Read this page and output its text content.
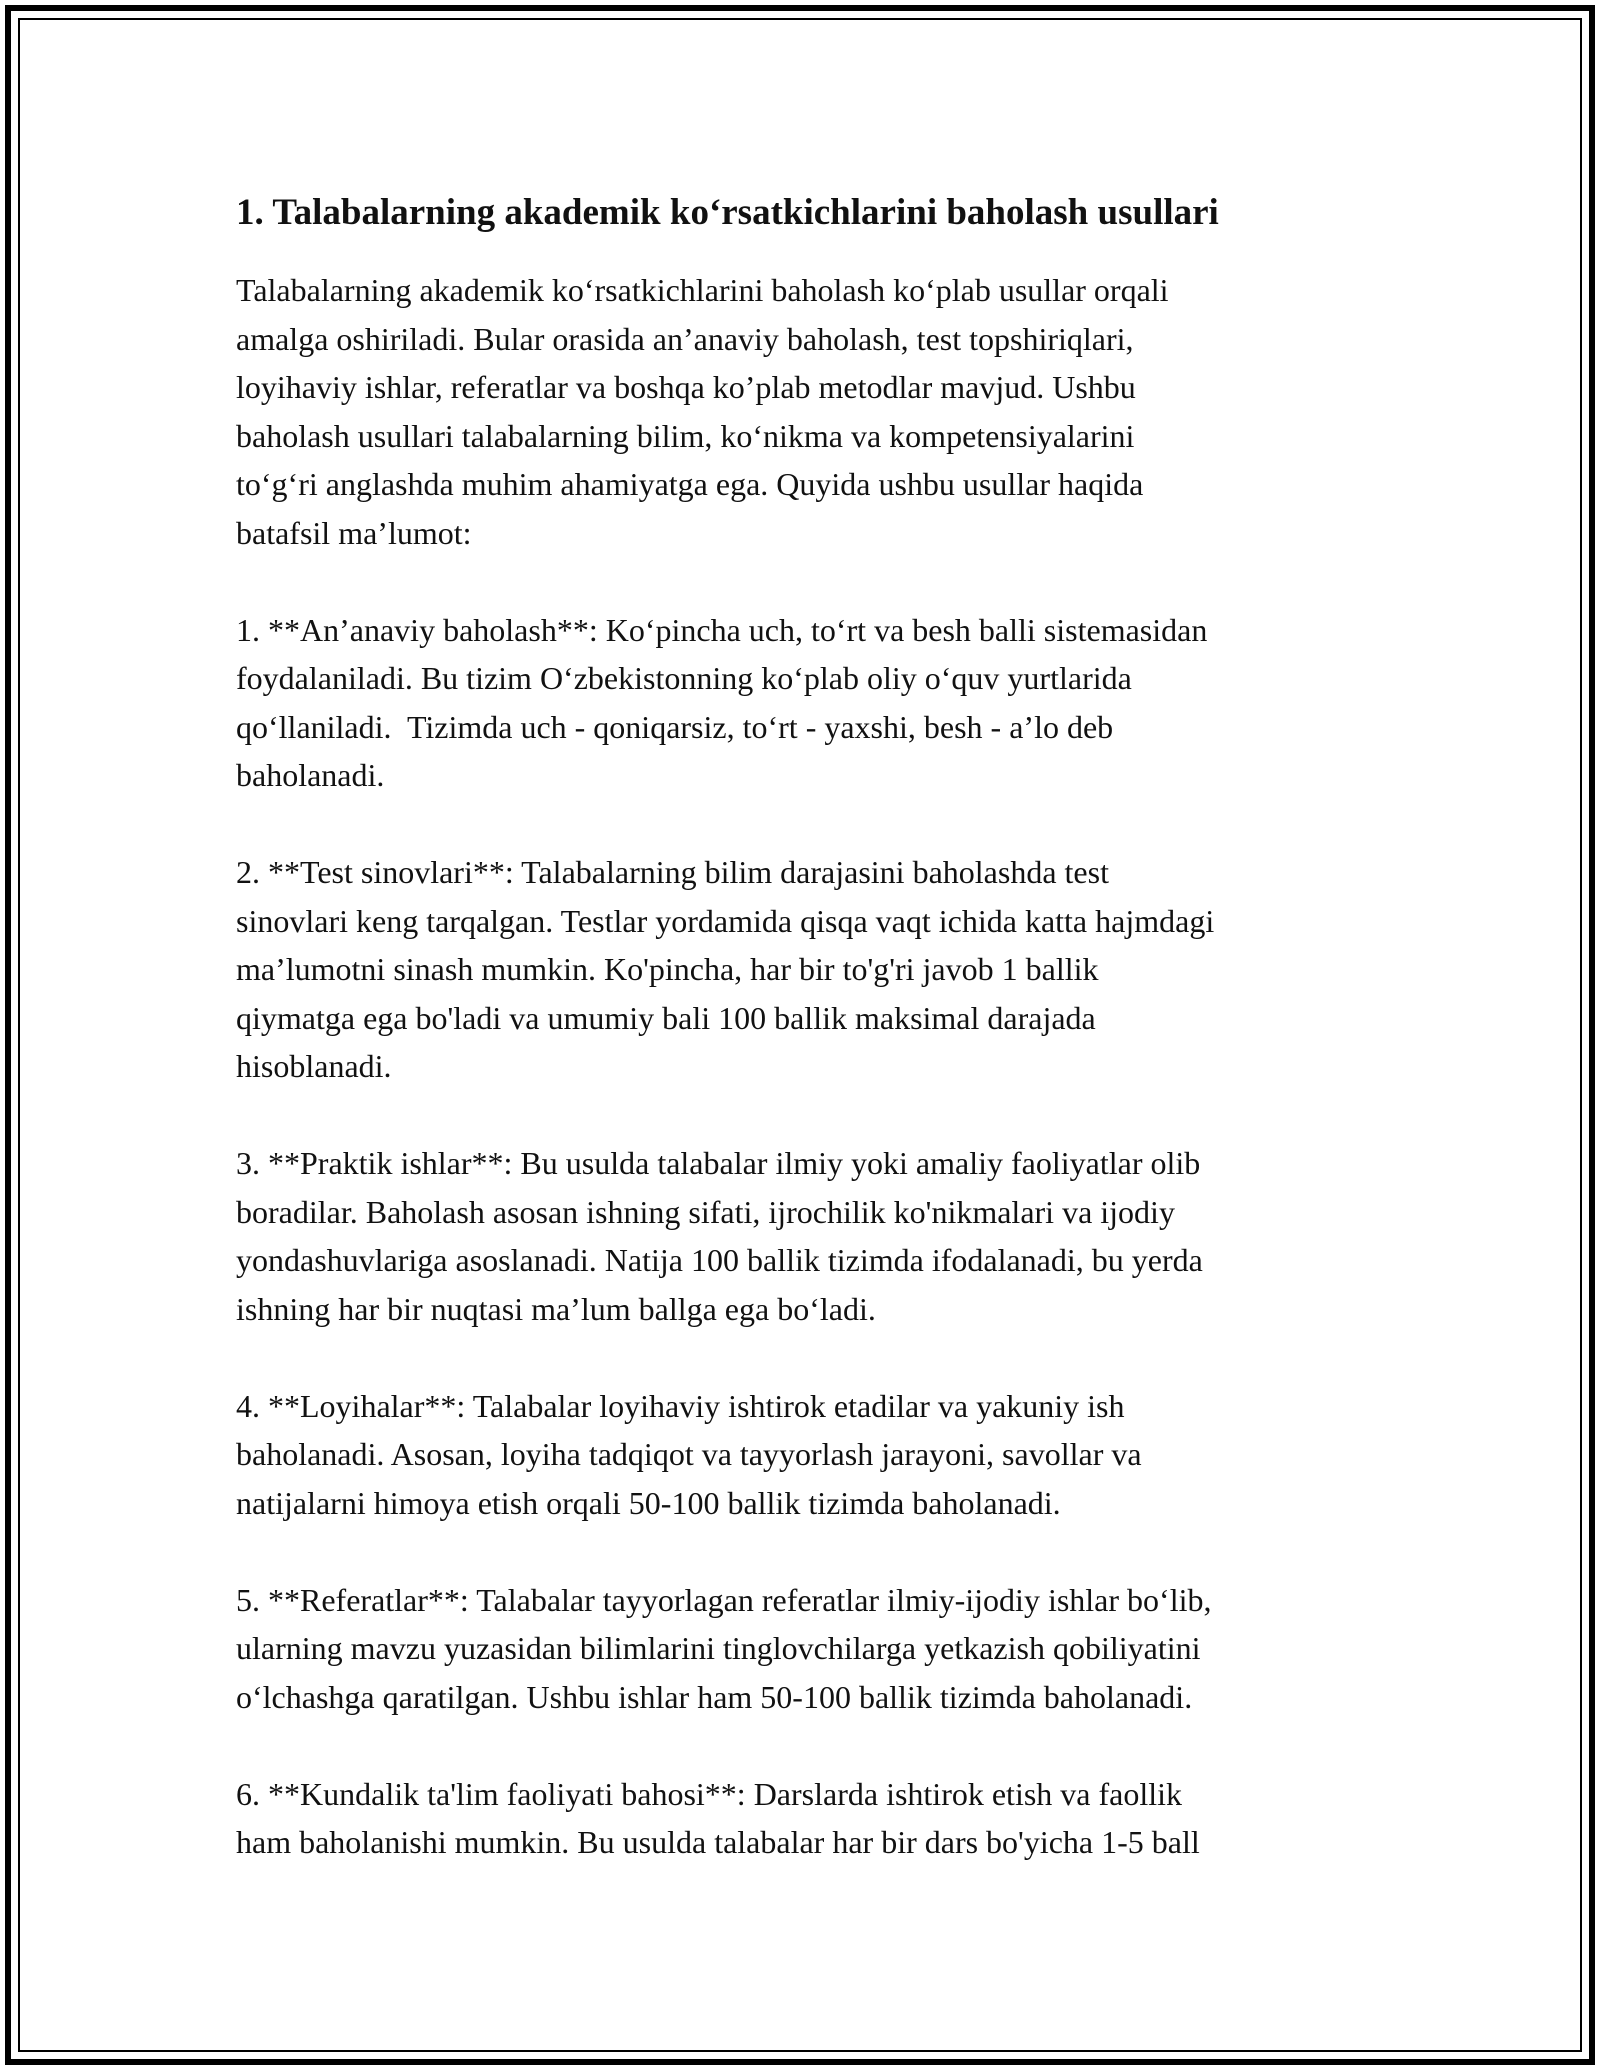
1. Talabalarning akademik ko‘rsatkichlarini baholash usullari
Talabalarning akademik ko‘rsatkichlarini baholash ko‘plab usullar orqali
amalga oshiriladi. Bular orasida an’anaviy baholash, test topshiriqlari,
loyihaviy ishlar, referatlar va boshqa ko’plab metodlar mavjud. Ushbu
baholash usullari talabalarning bilim, ko‘nikma va kompetensiyalarini
to‘g‘ri anglashda muhim ahamiyatga ega. Quyida ushbu usullar haqida
batafsil ma’lumot:
1. **An’anaviy baholash**: Ko‘pincha uch, to‘rt va besh balli sistemasidan
foydalaniladi. Bu tizim O‘zbekistonning ko‘plab oliy o‘quv yurtlarida
qo‘llaniladi.  Tizimda uch - qoniqarsiz, to‘rt - yaxshi, besh - a’lo deb
baholanadi.
2. **Test sinovlari**: Talabalarning bilim darajasini baholashda test
sinovlari keng tarqalgan. Testlar yordamida qisqa vaqt ichida katta hajmdagi
ma’lumotni sinash mumkin. Ko'pincha, har bir to'g'ri javob 1 ballik
qiymatga ega bo'ladi va umumiy bali 100 ballik maksimal darajada
hisoblanadi.
3. **Praktik ishlar**: Bu usulda talabalar ilmiy yoki amaliy faoliyatlar olib
boradilar. Baholash asosan ishning sifati, ijrochilik ko'nikmalari va ijodiy
yondashuvlariga asoslanadi. Natija 100 ballik tizimda ifodalanadi, bu yerda
ishning har bir nuqtasi ma’lum ballga ega bo‘ladi.
4. **Loyihalar**: Talabalar loyihaviy ishtirok etadilar va yakuniy ish
baholanadi. Asosan, loyiha tadqiqot va tayyorlash jarayoni, savollar va
natijalarni himoya etish orqali 50-100 ballik tizimda baholanadi.
5. **Referatlar**: Talabalar tayyorlagan referatlar ilmiy-ijodiy ishlar bo‘lib,
ularning mavzu yuzasidan bilimlarini tinglovchilarga yetkazish qobiliyatini
o‘lchashga qaratilgan. Ushbu ishlar ham 50-100 ballik tizimda baholanadi.
6. **Kundalik ta'lim faoliyati bahosi**: Darslarda ishtirok etish va faollik
ham baholanishi mumkin. Bu usulda talabalar har bir dars bo'yicha 1-5 ball
